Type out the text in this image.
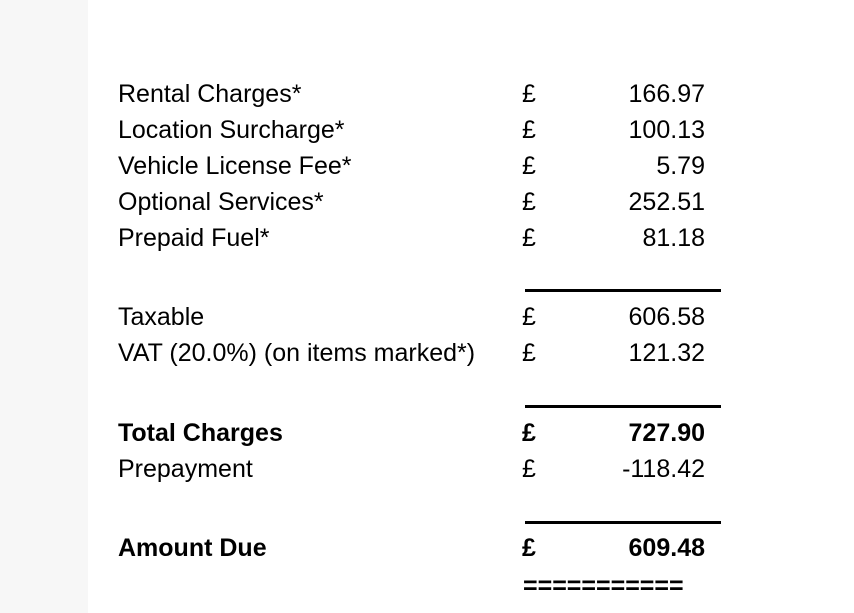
Rental Charges*	£	166.97
Location Surcharge*	£	100.13
Vehicle License Fee*	£	5.79
Optional Services*	£	252.51
Prepaid Fuel*	£	81.18
Taxable	£	606.58
VAT (20.0%) (on items marked*) £	121.32
Total Charges	£	727.90
Prepayment	£	-118.42
Amount Due	£	609.48
===========
